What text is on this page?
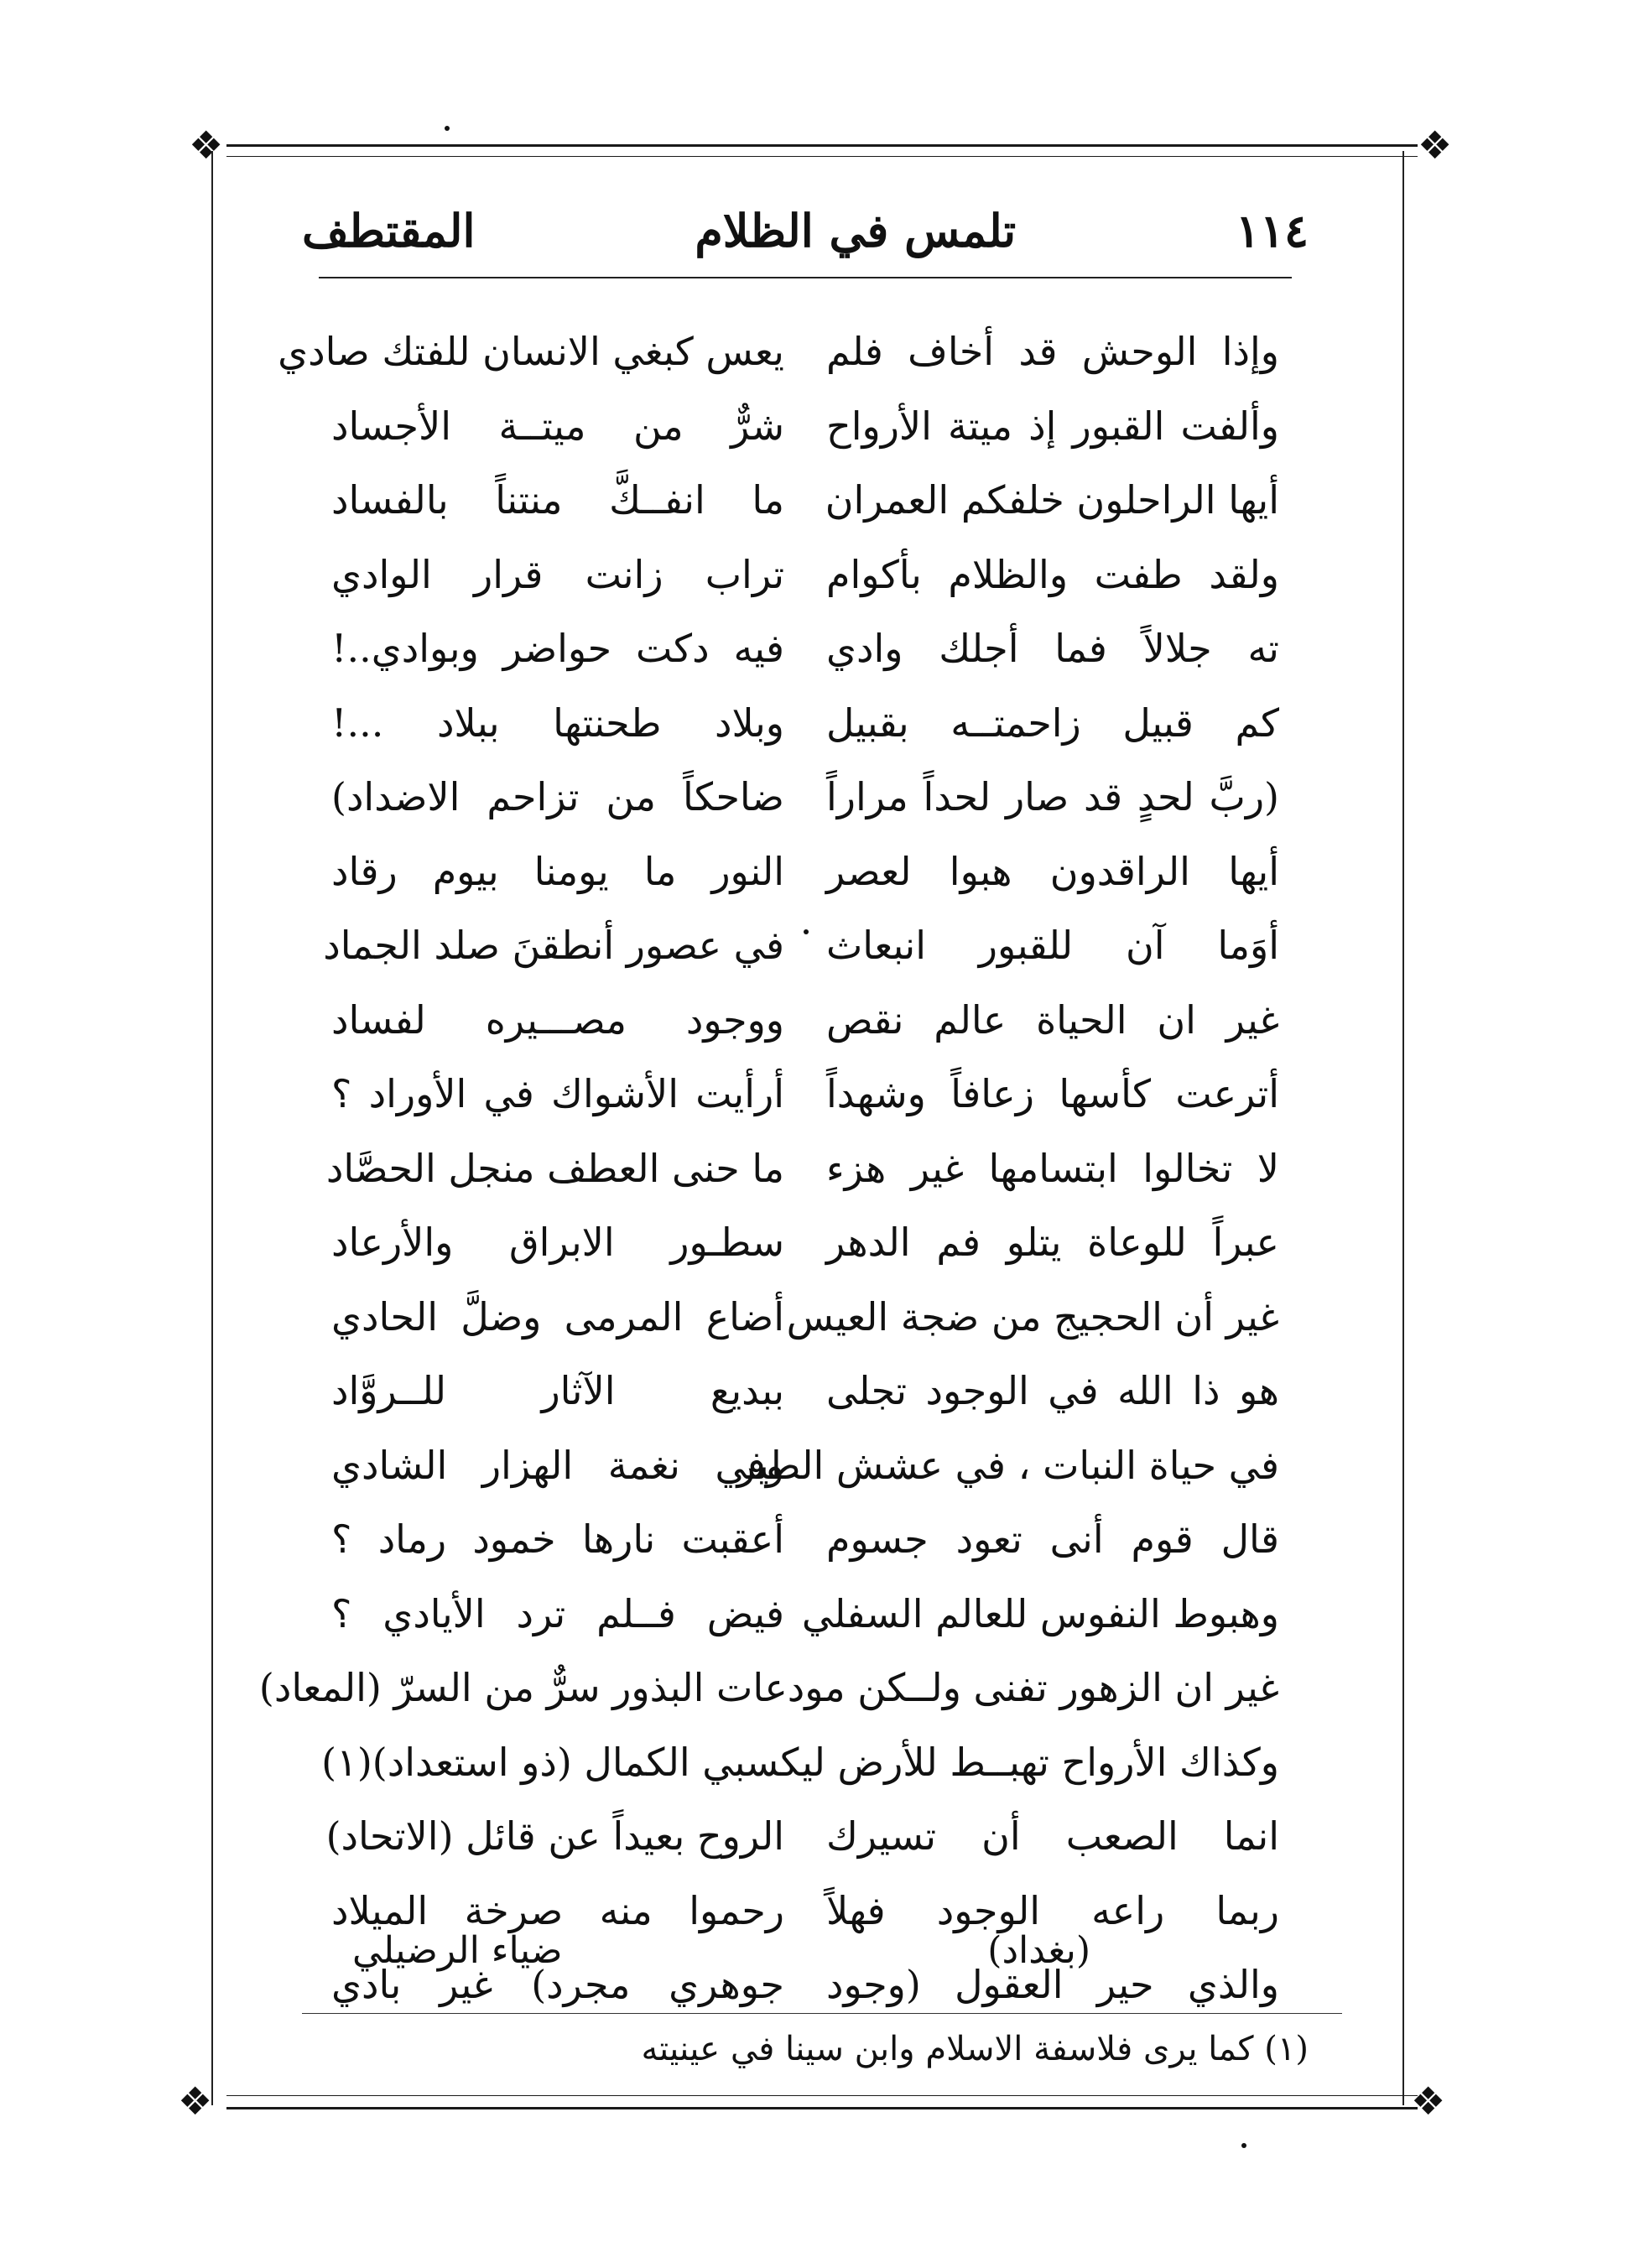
❖	❖
١١٤
تلمس في الظلام
المقتطف
وإذا الوحش قد أخاف فلم
يعس كبغي الانسان للفتك صادي
وألفت القبور إذ ميتة الأرواح
شرٌّ من ميتــة الأجساد
أيها الراحلون خلفكم العمران
ما انفــكَّ منتناً بالفساد
ولقد طفت والظلام بأكوام
تراب زانت قرار الوادي
ته جلالاً فما أجلك وادي
فيه دكت حواضر وبوادي..!
كم قبيل زاحمتــه بقبيل
وبلاد طحنتها ببلاد ...!
(ربَّ لحدٍ قد صار لحداً مراراً
ضاحكاً من تزاحم الاضداد)
أيها الراقدون هبوا لعصر
النور ما يومنا بيوم رقاد
أوَما آن للقبور انبعاث
في عصور أنطقنَ صلد الجماد
غير ان الحياة عالم نقص
ووجود مصـــيره لفساد
أترعت كأسها زعافاً وشهداً
أرأيت الأشواك في الأوراد ؟
لا تخالوا ابتسامها غير هزء
ما حنى العطف منجل الحصَّاد
عبراً للوعاة يتلو فم الدهر
سطـور الابراق والأرعاد
غير أن الحجيج من ضجة العيس
أضاع المرمى وضلَّ الحادي
هو ذا الله في الوجود تجلى
ببديع الآثار للــروَّاد
في حياة النبات ، في عشش الطير
وفي نغمة الهزار الشادي
قال قوم أنى تعود جسوم
أعقبت نارها خمود رماد ؟
وهبوط النفوس للعالم السفلي
فيض فــلم ترد الأيادي ؟
غير ان الزهور تفنى ولــكن مودعات البذور سرٌّ من السرّ (المعاد)
وكذاك الأرواح تهبــط للأرض ليكسبي الكمال (ذو استعداد)(١)
انما الصعب أن تسيرك
الروح بعيداً عن قائل (الاتحاد)
ربما راعه الوجود فهلاً
رحموا منه صرخة الميلاد
والذي حير العقول (وجود
جوهري مجرد) غير بادي
(بغداد)
ضياء الرضيلي
(١) كما يرى فلاسفة الاسلام وابن سينا في عينيته
❖	❖
